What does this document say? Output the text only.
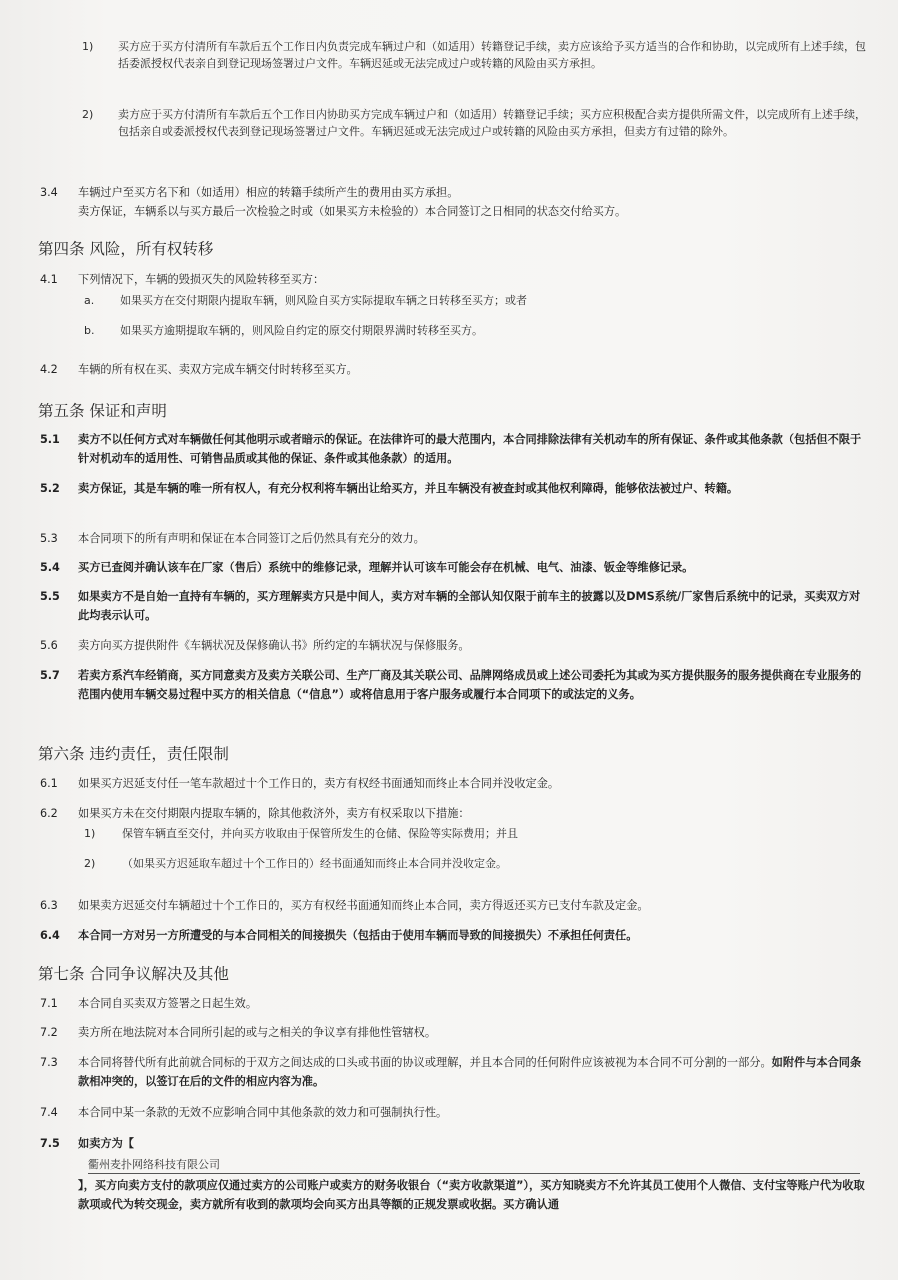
1)	买方应于买方付清所有车款后五个工作日内负责完成车辆过户和（如适用）转籍登记手续，卖方应该给予买方适当的合作和协助，以完成所有上述手续，包括委派授权代表亲自到登记现场签署过户文件。车辆迟延或无法完成过户或转籍的风险由买方承担。
2)	卖方应于买方付清所有车款后五个工作日内协助买方完成车辆过户和（如适用）转籍登记手续；买方应积极配合卖方提供所需文件，以完成所有上述手续，包括亲自或委派授权代表到登记现场签署过户文件。车辆迟延或无法完成过户或转籍的风险由买方承担，但卖方有过错的除外。
3.4	车辆过户至买方名下和（如适用）相应的转籍手续所产生的费用由买方承担。
卖方保证，车辆系以与买方最后一次检验之时或（如果买方未检验的）本合同签订之日相同的状态交付给买方。
第四条 风险，所有权转移
4.1	下列情况下，车辆的毁损灭失的风险转移至买方：
a. 如果买方在交付期限内提取车辆，则风险自买方实际提取车辆之日转移至买方；或者
b. 如果买方逾期提取车辆的，则风险自约定的原交付期限界满时转移至买方。
4.2	车辆的所有权在买、卖双方完成车辆交付时转移至买方。
第五条 保证和声明
5.1	卖方不以任何方式对车辆做任何其他明示或者暗示的保证。在法律许可的最大范围内，本合同排除法律有关机动车的所有保证、条件或其他条款（包括但不限于针对机动车的适用性、可销售品质或其他的保证、条件或其他条款）的适用。
5.2	卖方保证，其是车辆的唯一所有权人，有充分权利将车辆出让给买方，并且车辆没有被查封或其他权利障碍，能够依法被过户、转籍。
5.3	本合同项下的所有声明和保证在本合同签订之后仍然具有充分的效力。
5.4	买方已查阅并确认该车在厂家（售后）系统中的维修记录，理解并认可该车可能会存在机械、电气、油漆、钣金等维修记录。
5.5	如果卖方不是自始一直持有车辆的，买方理解卖方只是中间人，卖方对车辆的全部认知仅限于前车主的披露以及DMS系统/厂家售后系统中的记录，买卖双方对此均表示认可。
5.6	卖方向买方提供附件《车辆状况及保修确认书》所约定的车辆状况与保修服务。
5.7	若卖方系汽车经销商，买方同意卖方及卖方关联公司、生产厂商及其关联公司、品牌网络成员或上述公司委托为其或为买方提供服务的服务提供商在专业服务的范围内使用车辆交易过程中买方的相关信息（“信息”）或将信息用于客户服务或履行本合同项下的或法定的义务。
第六条 违约责任，责任限制
6.1	如果买方迟延支付任一笔车款超过十个工作日的，卖方有权经书面通知而终止本合同并没收定金。
6.2	如果买方未在交付期限内提取车辆的，除其他救济外，卖方有权采取以下措施：
1) 保管车辆直至交付，并向买方收取由于保管所发生的仓储、保险等实际费用；并且
2) （如果买方迟延取车超过十个工作日的）经书面通知而终止本合同并没收定金。
6.3	如果卖方迟延交付车辆超过十个工作日的，买方有权经书面通知而终止本合同，卖方得返还买方已支付车款及定金。
6.4	本合同一方对另一方所遭受的与本合同相关的间接损失（包括由于使用车辆而导致的间接损失）不承担任何责任。
第七条 合同争议解决及其他
7.1	本合同自买卖双方签署之日起生效。
7.2	卖方所在地法院对本合同所引起的或与之相关的争议享有排他性管辖权。
7.3	本合同将替代所有此前就合同标的于双方之间达成的口头或书面的协议或理解，并且本合同的任何附件应该被视为本合同不可分割的一部分。如附件与本合同条款相冲突的，以签订在后的文件的相应内容为准。
7.4	本合同中某一条款的无效不应影响合同中其他条款的效力和可强制执行性。
7.5	如卖方为【
衢州麦扑网络科技有限公司
】，买方向卖方支付的款项应仅通过卖方的公司账户或卖方的财务收银台（“卖方收款渠道”），买方知晓卖方不允许其员工使用个人微信、支付宝等账户代为收取款项或代为转交现金，卖方就所有收到的款项均会向买方出具等额的正规发票或收据。买方确认通
